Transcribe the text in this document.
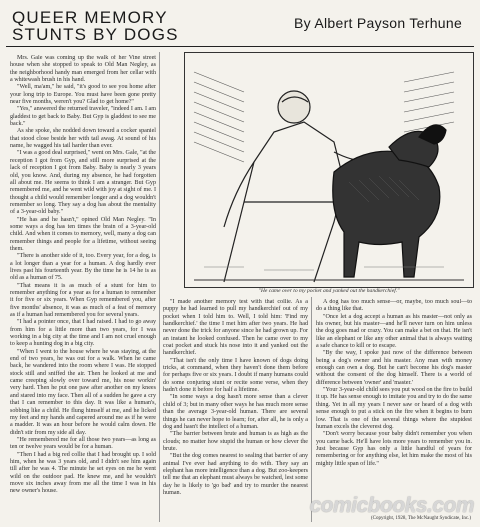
QUEER MEMORY
STUNTS BY DOGS
By Albert Payson Terhune

Mrs. Gale was coming up the walk of her Vine street house when she stopped to speak to Old Man Negley, as the neighborhood handy man emerged from her cellar with a whitewash brush in his hand.

"Well, ma'am," he said, "it's good to see you home after your long trip to Europe. You must have been gone pretty near five months, weren't you? Glad to get home?"

"Yes," answered the returned traveler, "indeed I am. I am gladdest to get back to Baby. But Gyp is gladdest to see me back."

As she spoke, she nodded down toward a cocker spaniel that stood close beside her with tail awag. At sound of his name, he wagged his tail harder than ever.

"I was a good deal surprised," went on Mrs. Gale, "at the reception I got from Gyp, and still more surprised at the lack of reception I got from Baby. Baby is nearly 3 years old, you know. And, during my absence, he had forgotten all about me. He seems to think I am a stranger. But Gyp remembered me, and he went wild with joy at sight of me. I thought a child would remember longer and a dog wouldn't remember so long. They say a dog has about the mentality of a 3-year-old baby."

"He has and he hasn't," opined Old Man Negley. "In some ways a dog has ten times the brain of a 3-year-old child. And when it comes to memory, well, many a dog can remember things and people for a lifetime, without seeing them.

"There is another side of it, too. Every year, for a dog, is a lot longer than a year for a human. A dog hardly ever lives past his fourteenth year. By the time he is 14 he is as old as a human of 75.

"That means it is as much of a stunt for him to remember anything for a year as for a human to remember it for five or six years. When Gyp remembered you, after five months' absence, it was as much of a feat of memory as if a human had remembered you for several years.

"I had a pointer once, that I had raised. I had to go away from him for a little more than two years, for I was working in a big city at the time and I am not cruel enough to keep a hunting dog in a big city.

"When I went to the house where he was staying, at the end of two years, he was out for a walk. When he came back, he wandered into the room where I was. He stopped stock still and sniffed the air. Then he looked at me and came creeping slowly over toward me, his nose workin' very hard. Then he put one paw after another on my knees and stared into my face. Then all of a sudden he gave a cry that I can remember to this day. It was like a human's, sobbing like a child. He flung himself at me, and he licked my feet and my hands and capered around me as if he were a madder. It was an hour before he would calm down. He didn't stir from my side all day.

"He remembered me for all those two years—as long as ten or twelve years would be for a human.

"Then I had a big red collie that I had brought up. I sold him, when he was 3 years old, and I didn't see him again till after he was 4. The minute he set eyes on me he went wild on the outdoor pad. He knew me, and he wouldn't move six inches away from me all the time I was in his new owner's house.

"He came over to my pocket and yanked out the handkerchief."

"I made another memory test with that collie. As a puppy he had learned to pull my handkerchief out of my pocket when I told him to. Well, I told him: 'Find my handkerchief.' the time I met him after two years. He had never done the trick for anyone since he had grown up. For an instant he looked confused. Then he came over to my coat pocket and stuck his nose into it and yanked out the handkerchief.

"That isn't the only time I have known of dogs doing tricks, at command, when they haven't done them before for perhaps five or six years. I doubt if many humans could do some conjuring stunt or recite some verse, when they hadn't done it before for half a lifetime.

"In some ways a dog hasn't more sense than a clever child of 3; but in many other ways he has much more sense than the average 3-year-old human. There are several things he can never hope to learn; for, after all, he is only a dog and hasn't the intellect of a human.

"The barrier between brute and human is as high as the clouds; no matter how stupid the human or how clever the brute.

"But the dog comes nearest to sealing that barrier of any animal I've ever had anything to do with. They say an elephant has more intelligence than a dog. But zoo-keepers tell me that an elephant must always be watched, lest some day he is likely to 'go bad' and try to murder the nearest human.

A dog has too much sense—or, maybe, too much soul—to do a thing like that.

"Once let a dog accept a human as his master—not only as his owner, but his master—and he'll never turn on him unless the dog goes mad or crazy. You can make a bet on that. He isn't like an elephant or like any other animal that is always waiting a safe chance to kill or to escape.

"By the way, I spoke just now of the difference between being a dog's owner and his master. Any man with money enough can own a dog. But he can't become his dog's master without the consent of the dog himself. There is a world of difference between 'owner' and 'master.'

"Your 3-year-old child sees you put wood on the fire to build it up. He has sense enough to imitate you and try to do the same thing. Yet in all my years I never saw or heard of a dog with sense enough to put a stick on the fire when it begins to burn low. That is one of the several things where the stupidest human excels the cleverest dog.

"Don't worry because your baby didn't remember you when you came back. He'll have lots more years to remember you in. Just because Gyp has only a little handful of years for remembering or for anything else, let him make the most of his mighty little span of life."

(Copyright, 1928, The McNaught Syndicate, Inc.)
comicbooks.com
